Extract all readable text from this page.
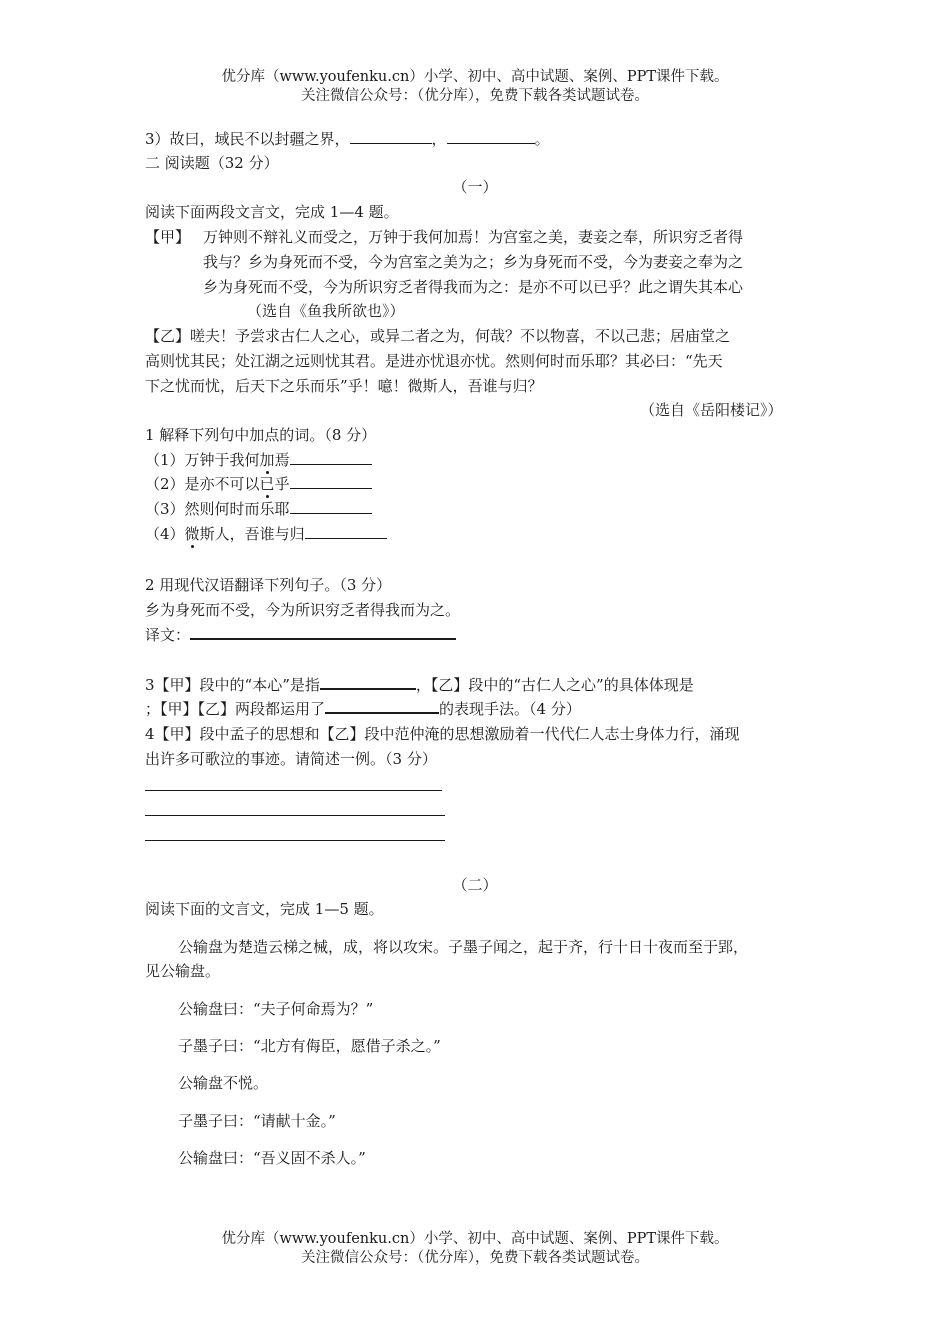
优分库（www.youfenku.cn）小学、初中、高中试题、案例、PPT课件下载。
关注微信公众号：（优分库），免费下载各类试题试卷。
3）故曰，域民不以封疆之界，	，	。
二 阅读题（32 分）
（一）
阅读下面两段文言文，完成 1—4 题。
【甲】 万钟则不辩礼义而受之，万钟于我何加焉！为宫室之美，妻妾之奉，所识穷乏者得
我与？乡为身死而不受，今为宫室之美为之；乡为身死而不受，今为妻妾之奉为之
乡为身死而不受，今为所识穷乏者得我而为之：是亦不可以已乎？此之谓失其本心
（选自《鱼我所欲也》）
【乙】嗟夫！予尝求古仁人之心，或异二者之为，何哉？不以物喜，不以己悲；居庙堂之
高则忧其民；处江湖之远则忧其君。是进亦忧退亦忧。然则何时而乐耶？其必曰：“先天
下之忧而忧，后天下之乐而乐”乎！噫！微斯人，吾谁与归？
（选自《岳阳楼记》）
1 解释下列句中加点的词。（8 分）
（1）万钟于我何加焉
（2）是亦不可以已乎
（3）然则何时而乐耶
（4）微斯人，吾谁与归
2 用现代汉语翻译下列句子。（3 分）
乡为身死而不受，今为所识穷乏者得我而为之。
译文：
3【甲】段中的“本心”是指	，【乙】段中的“古仁人之心”的具体体现是
；【甲】【乙】两段都运用了	的表现手法。（4 分）
4【甲】段中孟子的思想和【乙】段中范仲淹的思想激励着一代代仁人志士身体力行，涌现
出许多可歌泣的事迹。请简述一例。（3 分）
（二）
阅读下面的文言文，完成 1—5 题。
公输盘为楚造云梯之械，成，将以攻宋。子墨子闻之，起于齐，行十日十夜而至于郢，
见公输盘。
公输盘曰：“夫子何命焉为？”
子墨子曰：“北方有侮臣，愿借子杀之。”
公输盘不悦。
子墨子曰：“请献十金。”
公输盘曰：“吾义固不杀人。”
优分库（www.youfenku.cn）小学、初中、高中试题、案例、PPT课件下载。
关注微信公众号：（优分库），免费下载各类试题试卷。
